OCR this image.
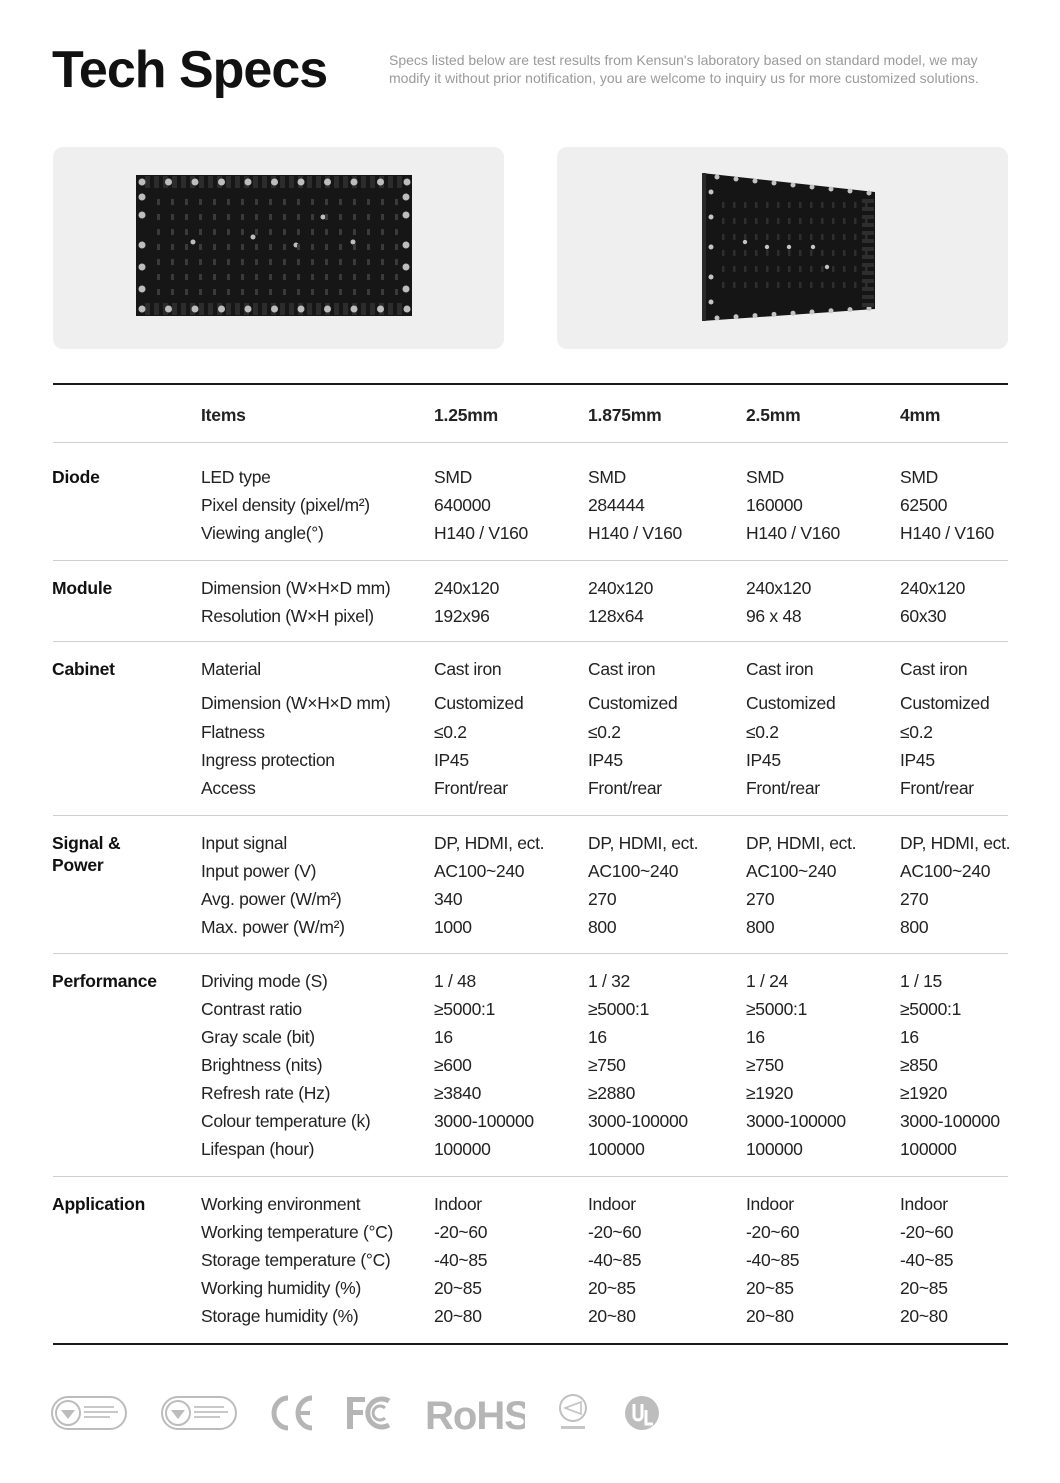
Tech Specs	Specs listed below are test results from Kensun's laboratory based on standard model, we may modify it without prior notification, you are welcome to inquiry us for more customized solutions.

Items	1.25mm	1.875mm	2.5mm	4mm
Diode	LED type	SMD	SMD	SMD	SMD
Pixel density (pixel/m²)	640000	284444	160000	62500
Viewing angle(°)	H140 / V160	H140 / V160	H140 / V160	H140 / V160
Module	Dimension (W×H×D mm) 240x120	240x120	240x120	240x120
Resolution (W×H pixel)	192x96	128x64	96 x 48	60x30
Cabinet	Material	Cast iron	Cast iron	Cast iron	Cast iron
Dimension (W×H×D mm) Customized	Customized	Customized	Customized
Flatness	≤0.2	≤0.2	≤0.2	≤0.2
Ingress protection	IP45	IP45	IP45	IP45
Access	Front/rear	Front/rear	Front/rear	Front/rear
Signal &
Power
Input signal	DP, HDMI, ect.	DP, HDMI, ect.	DP, HDMI, ect.	DP, HDMI, ect.
Input power (V)	AC100~240	AC100~240	AC100~240	AC100~240
Avg. power (W/m²)	340	270	270	270
Max. power (W/m²)	1000	800	800	800
Performance	Driving mode (S)	1 / 48	1 / 32	1 / 24	1 / 15
Contrast ratio	≥5000:1	≥5000:1	≥5000:1	≥5000:1
Gray scale (bit)	16	16	16	16
Brightness (nits)	≥600	≥750	≥750	≥850
Refresh rate (Hz)	≥3840	≥2880	≥1920	≥1920
Colour temperature (k)	3000-100000	3000-100000	3000-100000	3000-100000
Lifespan (hour)	100000	100000	100000	100000
Application	Working environment	Indoor	Indoor	Indoor	Indoor
Working temperature (°C) -20~60	-20~60	-20~60	-20~60
Storage temperature (°C) -40~85	-40~85	-40~85	-40~85
Working humidity (%)	20~85	20~85	20~85	20~85
Storage humidity (%)	20~80	20~80	20~80	20~80
RoHS
